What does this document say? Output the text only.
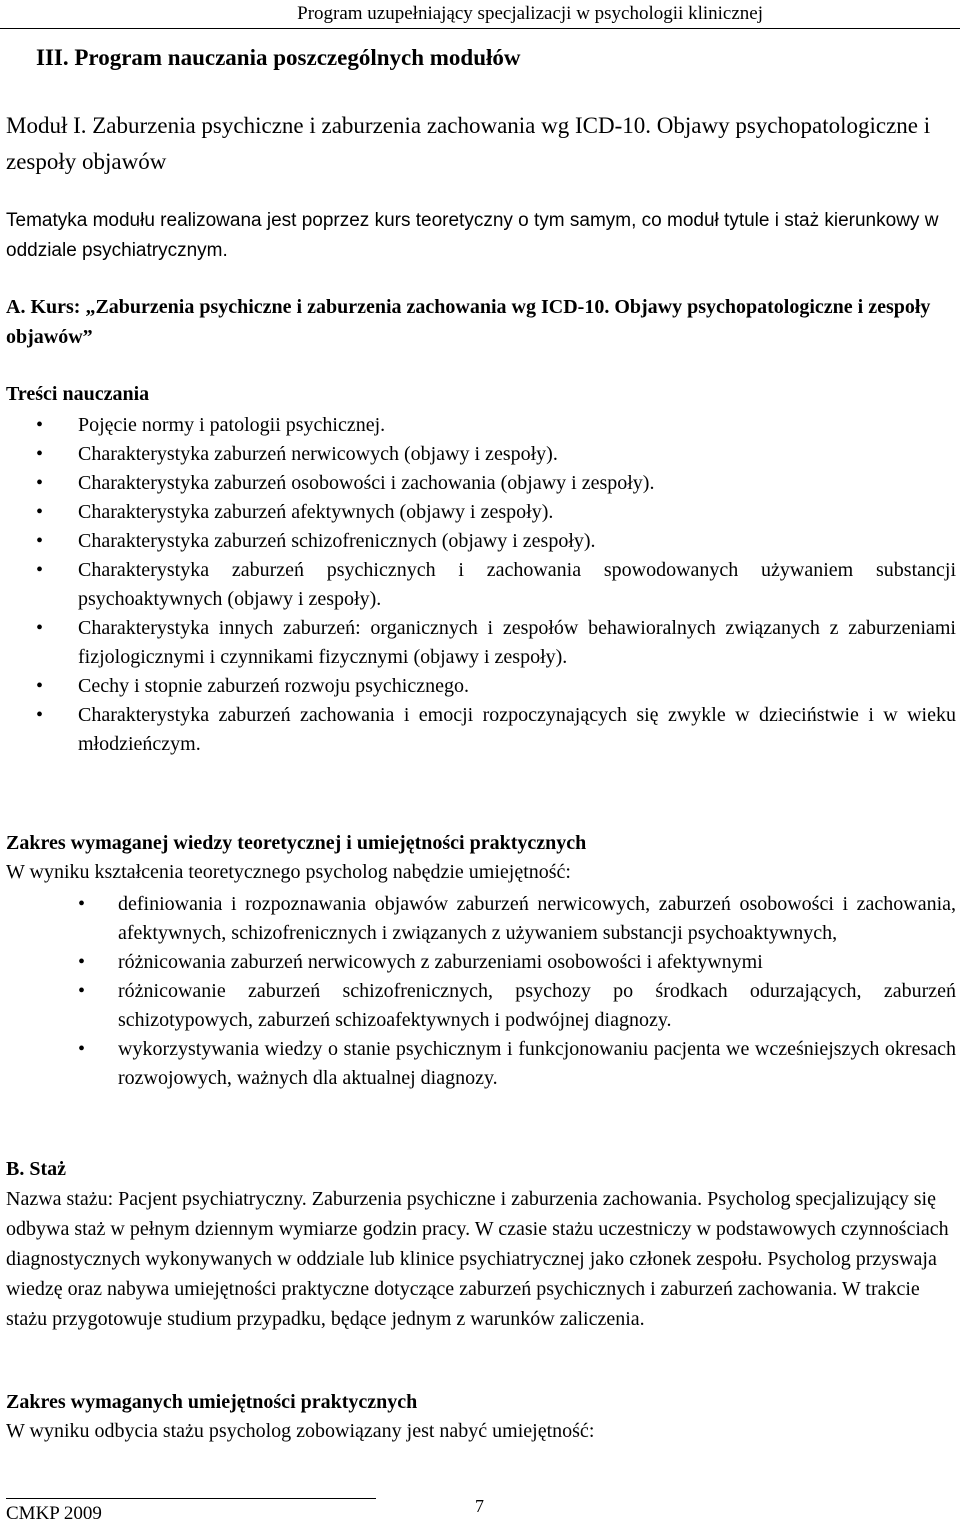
Program uzupełniający specjalizacji w psychologii klinicznej
III. Program nauczania poszczególnych modułów
Moduł I. Zaburzenia psychiczne i zaburzenia zachowania wg ICD-10. Objawy psychopatologiczne i zespoły objawów
Tematyka modułu realizowana jest poprzez kurs teoretyczny o tym samym, co moduł tytule i staż kierunkowy w oddziale psychiatrycznym.
A. Kurs: „Zaburzenia psychiczne i zaburzenia zachowania wg ICD-10. Objawy psychopatologiczne i zespoły objawów”
Treści nauczania
• Pojęcie normy i patologii psychicznej.
• Charakterystyka zaburzeń nerwicowych (objawy i zespoły).
• Charakterystyka zaburzeń osobowości i zachowania (objawy i zespoły).
• Charakterystyka zaburzeń afektywnych (objawy i zespoły).
• Charakterystyka zaburzeń schizofrenicznych (objawy i zespoły).
• Charakterystyka zaburzeń psychicznych i zachowania spowodowanych używaniem substancji psychoaktywnych (objawy i zespoły).
• Charakterystyka innych zaburzeń: organicznych i zespołów behawioralnych związanych z zaburzeniami fizjologicznymi i czynnikami fizycznymi (objawy i zespoły).
• Cechy i stopnie zaburzeń rozwoju psychicznego.
• Charakterystyka zaburzeń zachowania i emocji rozpoczynających się zwykle w dzieciństwie i w wieku młodzieńczym.
Zakres wymaganej wiedzy teoretycznej i umiejętności praktycznych
W wyniku kształcenia teoretycznego psycholog nabędzie umiejętność:
• definiowania i rozpoznawania objawów zaburzeń nerwicowych, zaburzeń osobowości i zachowania, afektywnych, schizofrenicznych i związanych z używaniem substancji psychoaktywnych,
• różnicowania zaburzeń nerwicowych z zaburzeniami osobowości i afektywnymi
• różnicowanie zaburzeń schizofrenicznych, psychozy po środkach odurzających, zaburzeń schizotypowych, zaburzeń schizoafektywnych i podwójnej diagnozy.
• wykorzystywania wiedzy o stanie psychicznym i funkcjonowaniu pacjenta we wcześniejszych okresach rozwojowych, ważnych dla aktualnej diagnozy.
B. Staż
Nazwa stażu: Pacjent psychiatryczny. Zaburzenia psychiczne i zaburzenia zachowania. Psycholog specjalizujący się odbywa staż w pełnym dziennym wymiarze godzin pracy. W czasie stażu uczestniczy w podstawowych czynnościach diagnostycznych wykonywanych w oddziale lub klinice psychiatrycznej jako członek zespołu. Psycholog przyswaja wiedzę oraz nabywa umiejętności praktyczne dotyczące zaburzeń psychicznych i zaburzeń zachowania. W trakcie stażu przygotowuje studium przypadku, będące jednym z warunków zaliczenia.
Zakres wymaganych umiejętności praktycznych
W wyniku odbycia stażu psycholog zobowiązany jest nabyć umiejętność:
CMKP 2009	7
